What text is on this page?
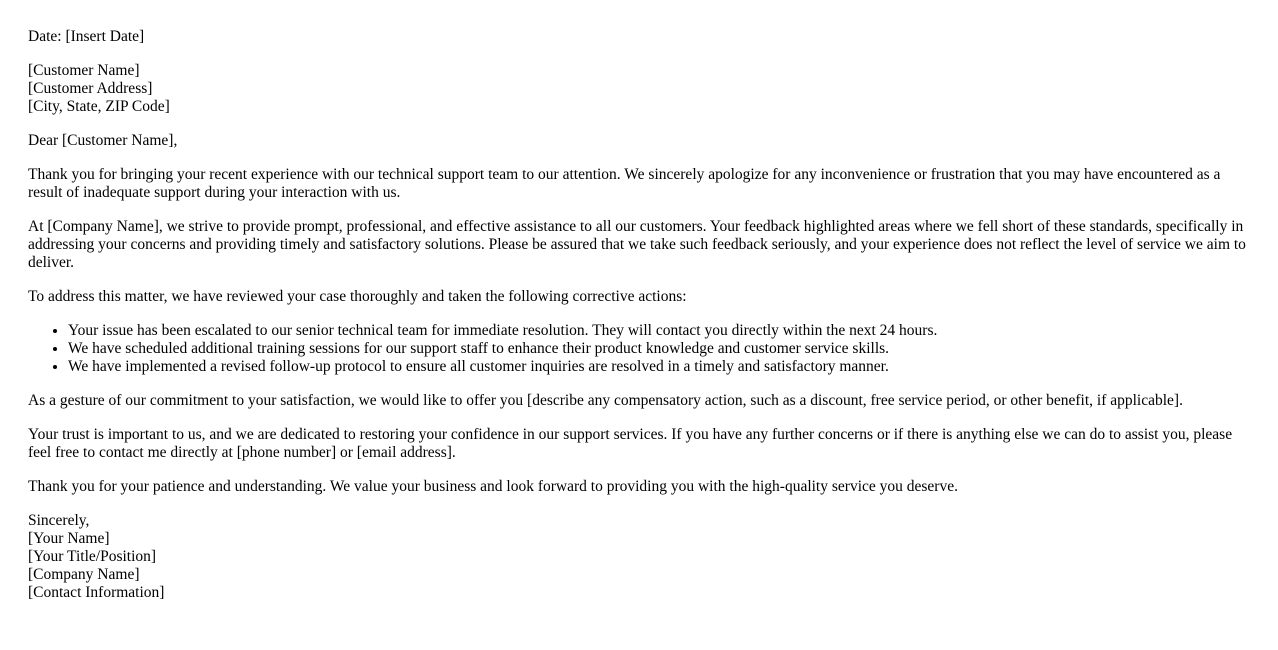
Date: [Insert Date]
[Customer Name]
[Customer Address]
[City, State, ZIP Code]
Dear [Customer Name],

Thank you for bringing your recent experience with our technical support team to our attention. We sincerely apologize for any inconvenience or frustration that you may have encountered as a result of inadequate support during your interaction with us.

At [Company Name], we strive to provide prompt, professional, and effective assistance to all our customers. Your feedback highlighted areas where we fell short of these standards, specifically in addressing your concerns and providing timely and satisfactory solutions. Please be assured that we take such feedback seriously, and your experience does not reflect the level of service we aim to deliver.

To address this matter, we have reviewed your case thoroughly and taken the following corrective actions:

• Your issue has been escalated to our senior technical team for immediate resolution. They will contact you directly within the next 24 hours.
• We have scheduled additional training sessions for our support staff to enhance their product knowledge and customer service skills.
• We have implemented a revised follow-up protocol to ensure all customer inquiries are resolved in a timely and satisfactory manner.

As a gesture of our commitment to your satisfaction, we would like to offer you [describe any compensatory action, such as a discount, free service period, or other benefit, if applicable].

Your trust is important to us, and we are dedicated to restoring your confidence in our support services. If you have any further concerns or if there is anything else we can do to assist you, please feel free to contact me directly at [phone number] or [email address].

Thank you for your patience and understanding. We value your business and look forward to providing you with the high-quality service you deserve.

Sincerely,
[Your Name]
[Your Title/Position]
[Company Name]
[Contact Information]
